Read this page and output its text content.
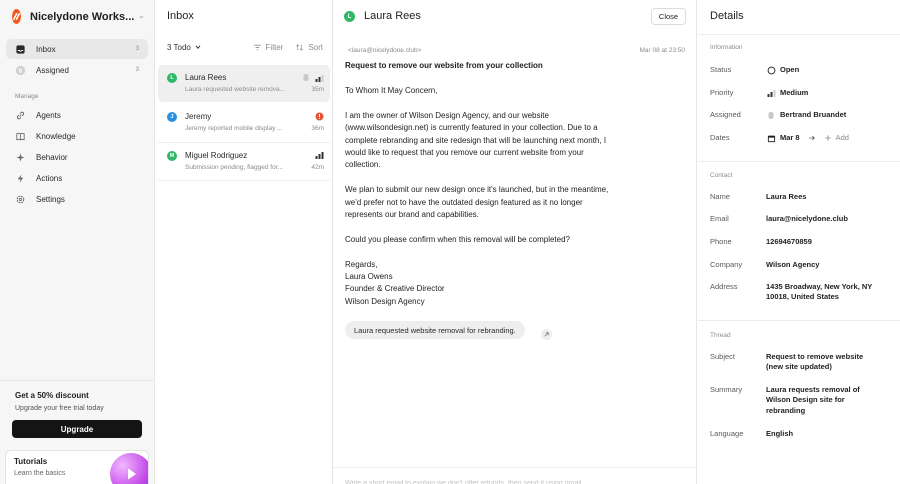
Nicelydone Works...
Inbox	3
B Assigned	3
Manage
Agents
Knowledge
Behavior
Actions
Settings
Get a 50% discount
Upgrade your free trial today
Upgrade
Tutorials
Learn the basics
Inbox
3 Todo	Filter	Sort
L	Laura Rees
Laura requested website remova...	35m
J	Jeremy
Jeremy reported mobile display ...	36m
M	Miguel Rodriguez
Submission pending, flagged for...	42m
L	Laura Rees	Close
<laura@nicelydone.club>	Mar 08 at 23:50
Request to remove our website from your collection

To Whom It May Concern,

I am the owner of Wilson Design Agency, and our website (www.wilsondesign.net) is currently featured in your collection. Due to a complete rebranding and site redesign that will be launching next month, I would like to request that you remove our current website from your collection.

We plan to submit our new design once it's launched, but in the meantime, we'd prefer not to have the outdated design featured as it no longer represents our brand and capabilities.

Could you please confirm when this removal will be completed?

Regards,
Laura Owens
Founder & Creative Director
Wilson Design Agency
Laura requested website removal for rebranding.
Write a short email to explain we don't offer refunds, then send it using gmail
Details
Information
Status	Open
Priority	Medium
Assigned	Bertrand Bruandet
Dates	Mar 8	Add
Contact
Name	Laura Rees
Email	laura@nicelydone.club
Phone	12694670859
Company	Wilson Agency
Address	1435 Broadway, New York, NY 10018, United States
Thread
Subject	Request to remove website (new site updated)
Summary	Laura requests removal of Wilson Design site for rebranding
Language	English
